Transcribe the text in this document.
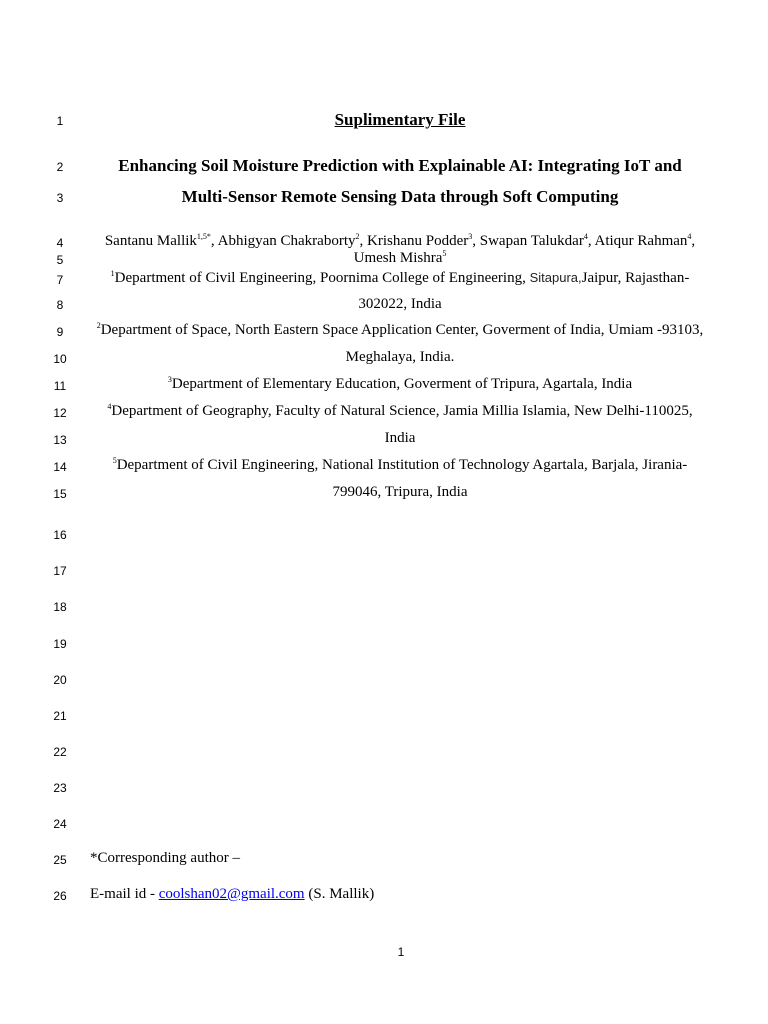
1
2
3
4
5
7
8
9
10
11
12
13
14
15
16
17
18
19
20
21
22
23
24
25
26
Suplimentary File
Enhancing Soil Moisture Prediction with Explainable AI: Integrating IoT and
Multi-Sensor Remote Sensing Data through Soft Computing
Santanu Mallik$^{1,5*}$, Abhigyan Chakraborty$^2$, Krishanu Podder$^3$, Swapan Talukdar$^4$, Atiqur Rahman$^4$,
Umesh Mishra$^5$
$^1$Department of Civil Engineering, Poornima College of Engineering, Sitapura,Jaipur, Rajasthan-
302022, India
$^2$Department of Space, North Eastern Space Application Center, Goverment of India, Umiam -93103,
Meghalaya, India.
$^3$Department of Elementary Education, Goverment of Tripura, Agartala, India
$^4$Department of Geography, Faculty of Natural Science, Jamia Millia Islamia, New Delhi-110025,
India
$^5$Department of Civil Engineering, National Institution of Technology Agartala, Barjala, Jirania-
799046, Tripura, India
*Corresponding author –
E-mail id - coolshan02@gmail.com (S. Mallik)
1
